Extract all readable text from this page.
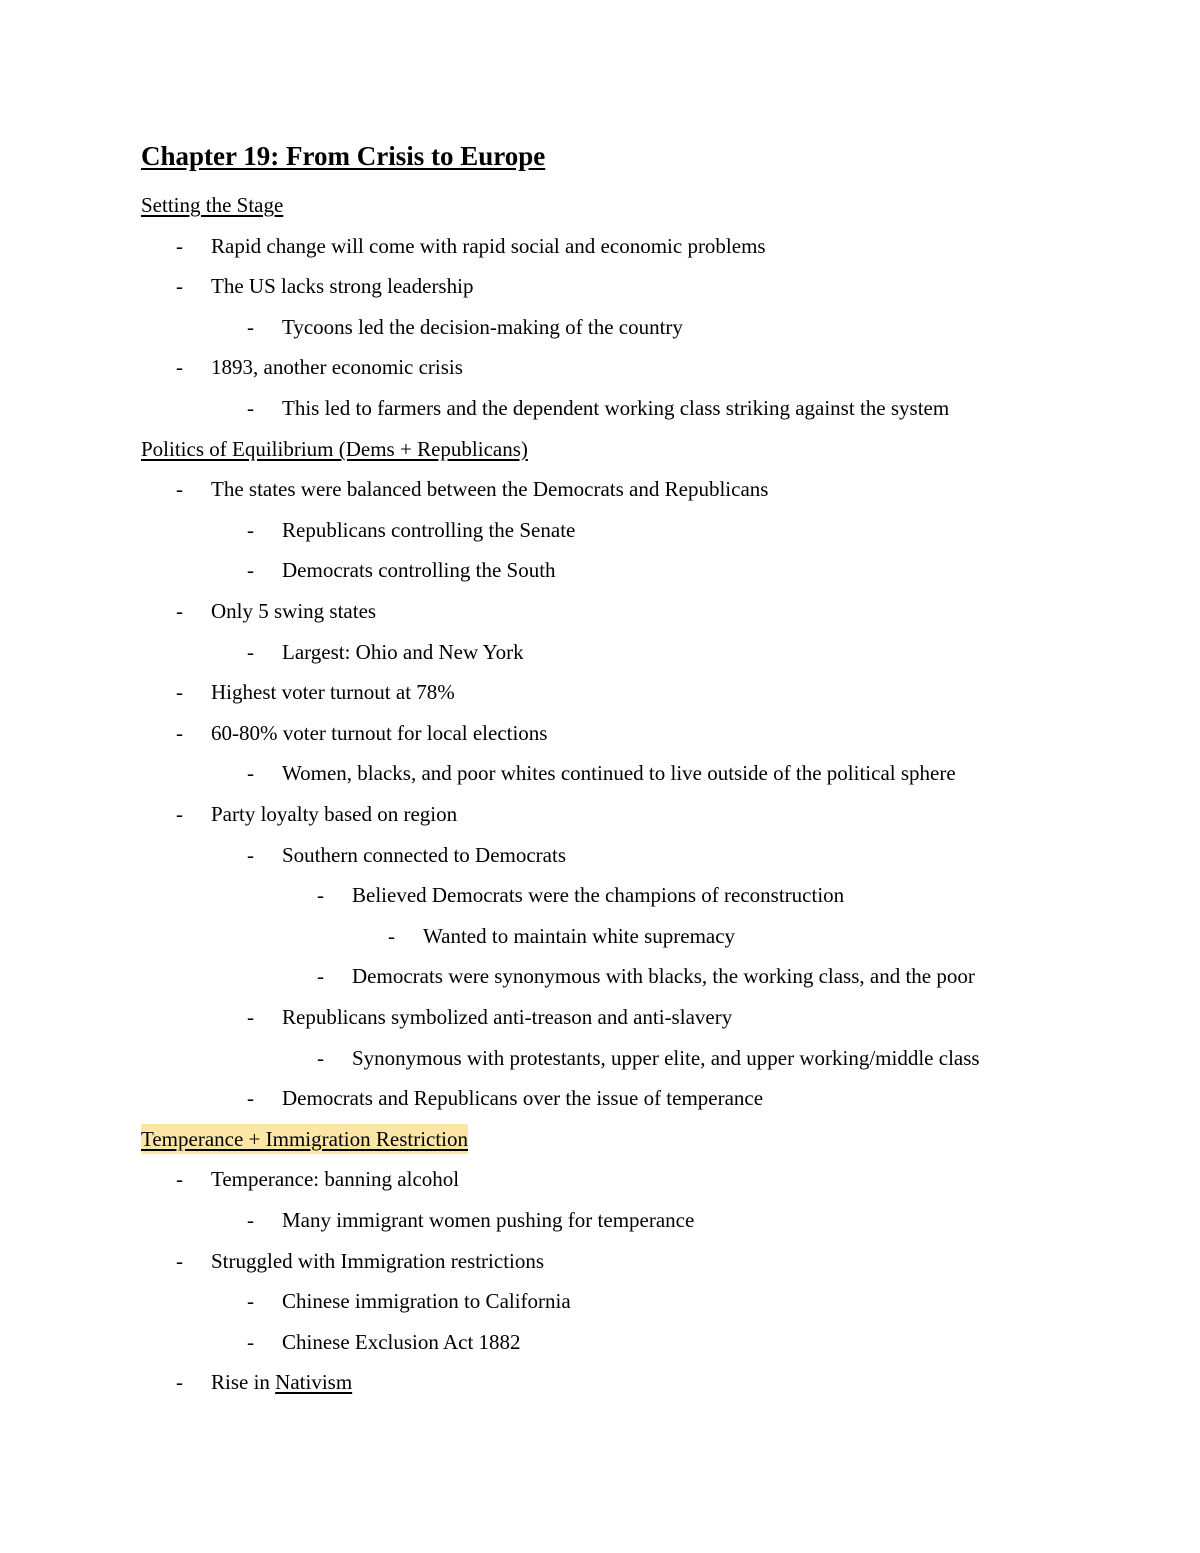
Chapter 19: From Crisis to Europe
Setting the Stage
- Rapid change will come with rapid social and economic problems
- The US lacks strong leadership
- Tycoons led the decision-making of the country
- 1893, another economic crisis
- This led to farmers and the dependent working class striking against the system
Politics of Equilibrium (Dems + Republicans)
- The states were balanced between the Democrats and Republicans
- Republicans controlling the Senate
- Democrats controlling the South
- Only 5 swing states
- Largest: Ohio and New York
- Highest voter turnout at 78%
- 60-80% voter turnout for local elections
- Women, blacks, and poor whites continued to live outside of the political sphere
- Party loyalty based on region
- Southern connected to Democrats
- Believed Democrats were the champions of reconstruction
- Wanted to maintain white supremacy
- Democrats were synonymous with blacks, the working class, and the poor
- Republicans symbolized anti-treason and anti-slavery
- Synonymous with protestants, upper elite, and upper working/middle class
- Democrats and Republicans over the issue of temperance
Temperance + Immigration Restriction
- Temperance: banning alcohol
- Many immigrant women pushing for temperance
- Struggled with Immigration restrictions
- Chinese immigration to California
- Chinese Exclusion Act 1882
- Rise in Nativism
